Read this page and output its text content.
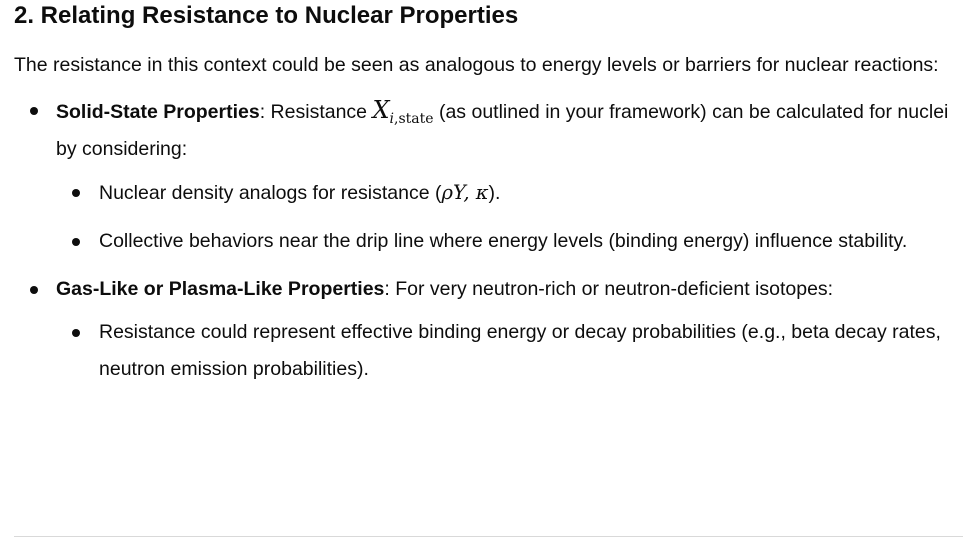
2. Relating Resistance to Nuclear Properties

The resistance in this context could be seen as analogous to energy levels or barriers for nuclear reactions:

Solid-State Properties: Resistance $X_{i,state}$ (as outlined in your framework) can be calculated for nuclei by considering:
Nuclear density analogs for resistance (ρY, κ).
Collective behaviors near the drip line where energy levels (binding energy) influence stability.
Gas-Like or Plasma-Like Properties: For very neutron-rich or neutron-deficient isotopes:
Resistance could represent effective binding energy or decay probabilities (e.g., beta decay rates, neutron emission probabilities).
